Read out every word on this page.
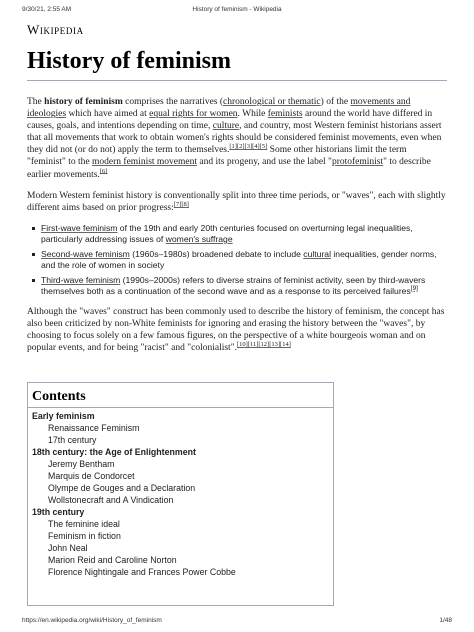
9/30/21, 2:55 AM	History of feminism - Wikipedia
Wikipedia
History of feminism

The history of feminism comprises the narratives (chronological or thematic) of the movements and ideologies which have aimed at equal rights for women. While feminists around the world have differed in causes, goals, and intentions depending on time, culture, and country, most Western feminist historians assert that all movements that work to obtain women's rights should be considered feminist movements, even when they did not (or do not) apply the term to themselves.[1][2][3][4][5] Some other historians limit the term "feminist" to the modern feminist movement and its progeny, and use the label "protofeminist" to describe earlier movements.[6]

Modern Western feminist history is conventionally split into three time periods, or "waves", each with slightly different aims based on prior progress:[7][8]

First-wave feminism of the 19th and early 20th centuries focused on overturning legal inequalities, particularly addressing issues of women's suffrage
Second-wave feminism (1960s–1980s) broadened debate to include cultural inequalities, gender norms, and the role of women in society
Third-wave feminism (1990s–2000s) refers to diverse strains of feminist activity, seen by third-wavers themselves both as a continuation of the second wave and as a response to its perceived failures[9]

Although the "waves" construct has been commonly used to describe the history of feminism, the concept has also been criticized by non-White feminists for ignoring and erasing the history between the "waves", by choosing to focus solely on a few famous figures, on the perspective of a white bourgeois woman and on popular events, and for being "racist" and "colonialist".[10][11][12][13][14]

Contents
Early feminism
Renaissance Feminism
17th century
18th century: the Age of Enlightenment
Jeremy Bentham
Marquis de Condorcet
Olympe de Gouges and a Declaration
Wollstonecraft and A Vindication
19th century
The feminine ideal
Feminism in fiction
John Neal
Marion Reid and Caroline Norton
Florence Nightingale and Frances Power Cobbe
https://en.wikipedia.org/wiki/History_of_feminism	1/48
